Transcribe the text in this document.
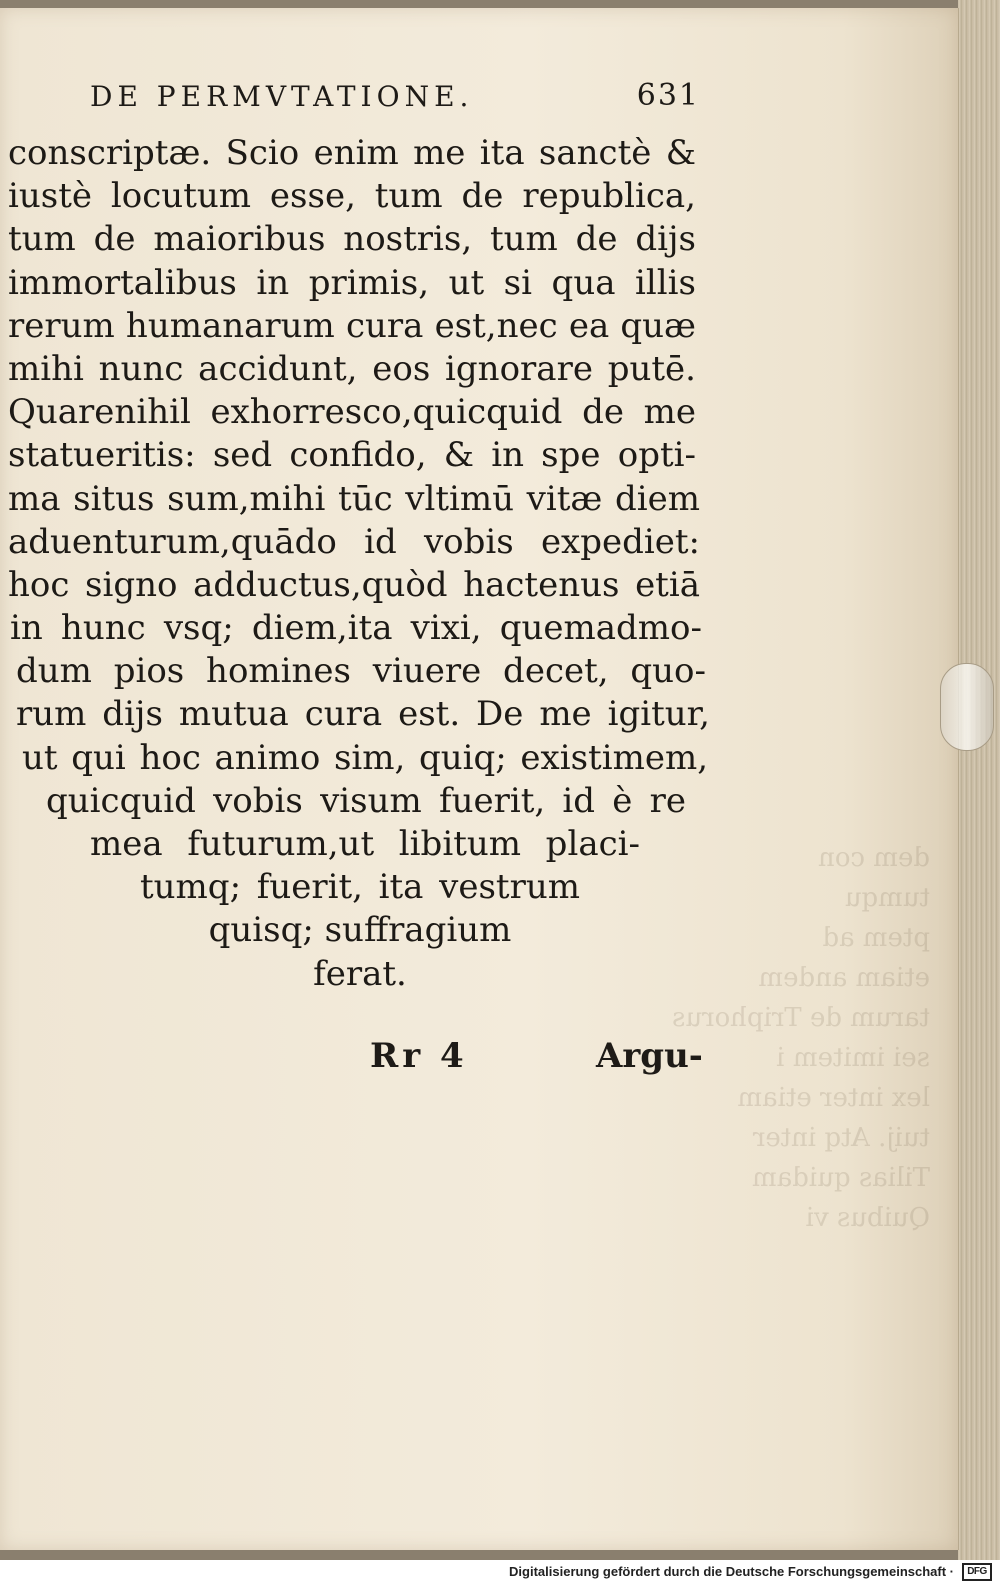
dem con
tumqu
ptem ad
etiam andem
tarum de Triphorus
sei imitem i
lex inter etiam
tuij. Atq inter
Tilias quidam
Quibus vi
DE PERMVTATIONE.	631
conscriptæ. Scio enim me ita sanctè &
iustè locutum esse, tum de republica,
tum de maioribus nostris, tum de dijs
immortalibus in primis, ut si qua illis
rerum humanarum cura est,nec ea quæ
mihi nunc accidunt, eos ignorare putē.
Quarenihil exhorresco,quicquid de me
statueritis: sed confido, & in spe opti-
ma situs sum,mihi tūc vltimū vitæ diem
aduenturum,quādo id vobis expediet:
hoc signo adductus,quòd hactenus etiā
in hunc vsq; diem,ita vixi, quemadmo-
dum pios homines viuere decet, quo-
rum dijs mutua cura est. De me igitur,
ut qui hoc animo sim, quiq; existimem,
quicquid vobis visum fuerit, id è re
mea futurum,ut libitum placi-
tumq; fuerit, ita vestrum
quisq; suffragium
ferat.
Rr 4	Argu-
Digitalisierung gefördert durch die Deutsche Forschungsgemeinschaft ·	DFG
